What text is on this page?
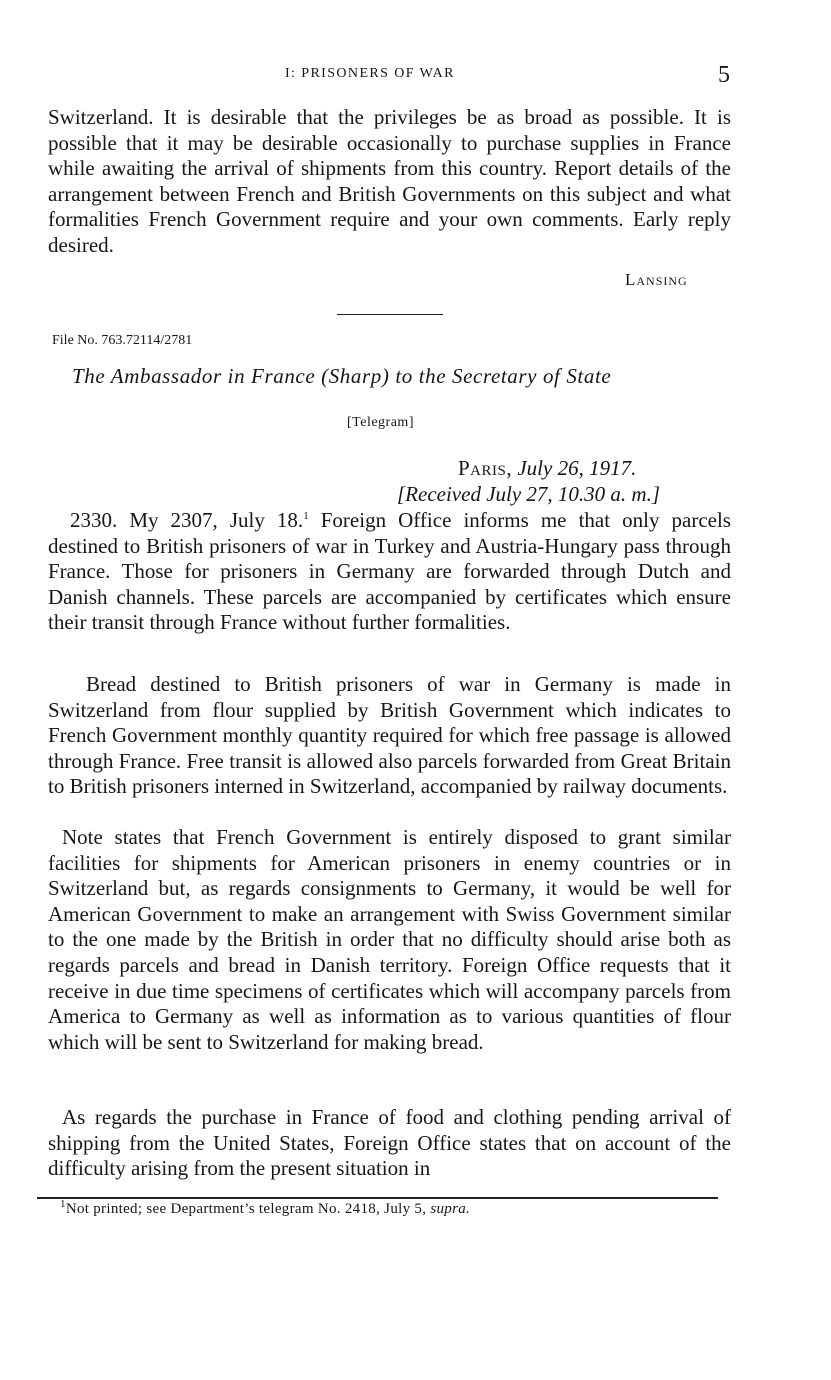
I: PRISONERS OF WAR	5

Switzerland. It is desirable that the privileges be as broad as possible. It is possible that it may be desirable occasionally to purchase supplies in France while awaiting the arrival of shipments from this country. Report details of the arrangement between French and British Governments on this subject and what formalities French Government require and your own comments. Early reply desired.

Lansing
File No. 763.72114/2781
The Ambassador in France (Sharp) to the Secretary of State
[Telegram]
Paris, July 26, 1917.
[Received July 27, 10.30 a. m.]

2330. My 2307, July 18.$^1$ Foreign Office informs me that only parcels destined to British prisoners of war in Turkey and Austria-Hungary pass through France. Those for prisoners in Germany are forwarded through Dutch and Danish channels. These parcels are accompanied by certificates which ensure their transit through France without further formalities.

Bread destined to British prisoners of war in Germany is made in Switzerland from flour supplied by British Government which indicates to French Government monthly quantity required for which free passage is allowed through France. Free transit is allowed also parcels forwarded from Great Britain to British prisoners interned in Switzerland, accompanied by railway documents.

Note states that French Government is entirely disposed to grant similar facilities for shipments for American prisoners in enemy countries or in Switzerland but, as regards consignments to Germany, it would be well for American Government to make an arrangement with Swiss Government similar to the one made by the British in order that no difficulty should arise both as regards parcels and bread in Danish territory. Foreign Office requests that it receive in due time specimens of certificates which will accompany parcels from America to Germany as well as information as to various quantities of flour which will be sent to Switzerland for making bread.

As regards the purchase in France of food and clothing pending arrival of shipping from the United States, Foreign Office states that on account of the difficulty arising from the present situation in

$^1$Not printed; see Department’s telegram No. 2418, July 5, supra.
